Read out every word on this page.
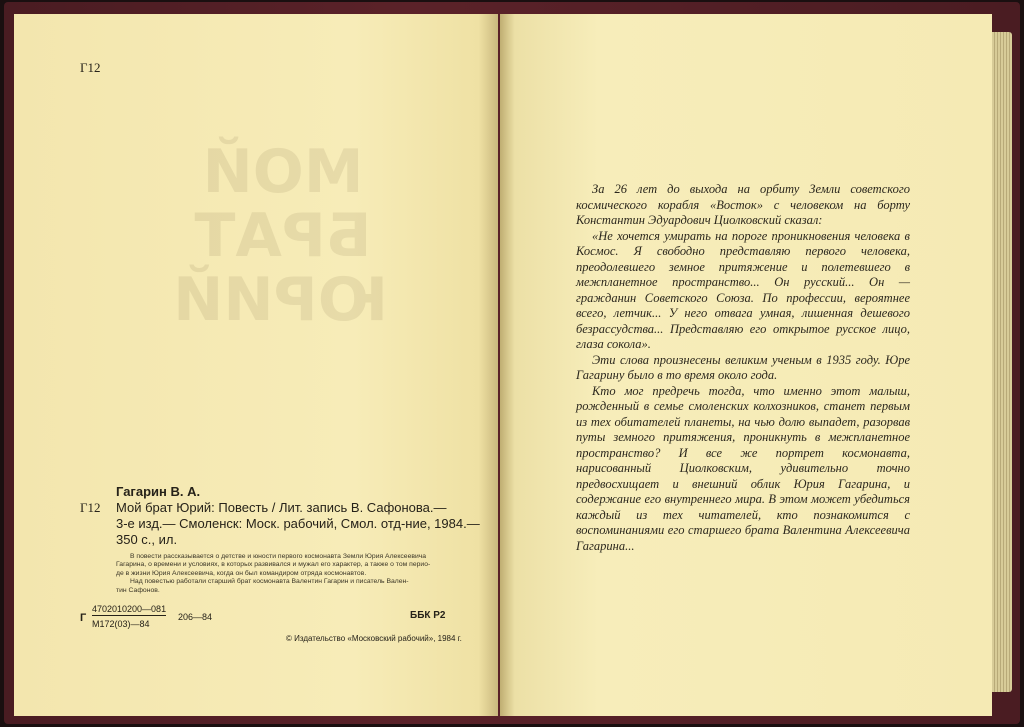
МОЙ
БРАТ
ЮРИЙ
Г12
Гагарин В. А.
Г12 Мой брат Юрий: Повесть / Лит. запись В. Сафонова.—
3-е изд.— Смоленск: Моск. рабочий, Смол. отд-ние, 1984.—
350 с., ил.
В повести рассказывается о детстве и юности первого космонавта Земли Юрия Алексеевича
Гагарина, о времени и условиях, в которых развивался и мужал его характер, а также о том перио-
де в жизни Юрия Алексеевича, когда он был командиром отряда космонавтов.
Над повестью работали старший брат космонавта Валентин Гагарин и писатель Вален-
тин Сафонов.
Г
4702010200—081
М172(03)—84
206—84	ББК Р2
© Издательство «Московский рабочий», 1984 г.

За 26 лет до выхода на орбиту Земли советского космического корабля «Восток» с человеком на борту Константин Эдуардович Циолковский сказал:

«Не хочется умирать на пороге проникновения человека в Космос. Я свободно представляю первого человека, преодолевшего земное притяжение и полетевшего в межпланетное пространство... Он русский... Он — гражданин Советского Союза. По профессии, вероятнее всего, летчик... У него отвага умная, лишенная дешевого безрассудства... Представляю его открытое русское лицо, глаза сокола».

Эти слова произнесены великим ученым в 1935 году. Юре Гагарину было в то время около года.

Кто мог предречь тогда, что именно этот малыш, рожденный в семье смоленских колхозников, станет первым из тех обитателей планеты, на чью долю выпадет, разорвав путы земного притяжения, проникнуть в межпланетное пространство? И все же портрет космонавта, нарисованный Циолковским, удивительно точно предвосхищает и внешний облик Юрия Гагарина, и содержание его внутреннего мира. В этом может убедиться каждый из тех читателей, кто познакомится с воспоминаниями его старшего брата Валентина Алексеевича Гагарина...
